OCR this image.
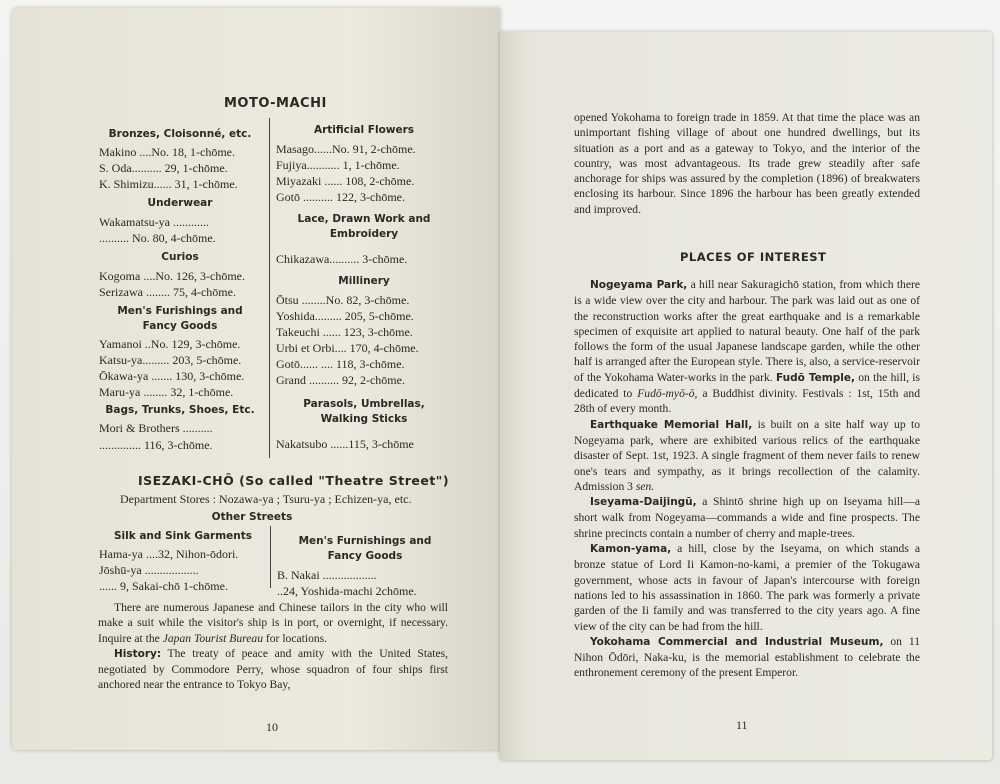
MOTO-MACHI
Bronzes, Cloisonné, etc.
Makino ....No. 18, 1-chōme.
S. Oda.......... 29, 1-chōme.
K. Shimizu...... 31, 1-chōme.
Underwear
Wakamatsu-ya ............
.......... No. 80, 4-chōme.
Curios
Kogoma ....No. 126, 3-chōme.
Serizawa ........ 75, 4-chōme.
Men's Furishings and
Fancy Goods
Yamanoi ..No. 129, 3-chōme.
Katsu-ya......... 203, 5-chōme.
Ōkawa-ya ....... 130, 3-chōme.
Maru-ya ........ 32, 1-chōme.
Bags, Trunks, Shoes, Etc.
Mori & Brothers ..........
.............. 116, 3-chōme.
Artificial Flowers
Masago......No. 91, 2-chōme.
Fujiya........... 1, 1-chōme.
Miyazaki ...... 108, 2-chōme.
Gotō .......... 122, 3-chōme.
Lace, Drawn Work and
Embroidery
Chikazawa.......... 3-chōme.
Millinery
Ōtsu ........No. 82, 3-chōme.
Yoshida......... 205, 5-chōme.
Takeuchi ...... 123, 3-chōme.
Urbi et Orbi.... 170, 4-chōme.
Gotō...... .... 118, 3-chōme.
Grand .......... 92, 2-chōme.
Parasols, Umbrellas,
Walking Sticks
Nakatsubo ......115, 3-chōme
ISEZAKI-CHŌ (So called "Theatre Street")
Department Stores : Nozawa-ya ; Tsuru-ya ; Echizen-ya, etc.
Other Streets
Silk and Sink Garments
Hama-ya ....32, Nihon-ōdori.
Jōshū-ya ..................
...... 9, Sakai-chō 1-chōme.
Men's Furnishings and
Fancy Goods
B. Nakai ..................
..24, Yoshida-machi 2chōme.

There are numerous Japanese and Chinese tailors in the city who will make a suit while the visitor's ship is in port, or overnight, if necessary. Inquire at the Japan Tourist Bureau for locations.

History: The treaty of peace and amity with the United States, negotiated by Commodore Perry, whose squadron of four ships first anchored near the entrance to Tokyo Bay,

10

opened Yokohama to foreign trade in 1859. At that time the place was an unimportant fishing village of about one hundred dwellings, but its situation as a port and as a gateway to Tokyo, and the interior of the country, was most advantageous. Its trade grew steadily after safe anchorage for ships was assured by the completion (1896) of breakwaters enclosing its harbour. Since 1896 the harbour has been greatly extended and improved.

PLACES OF INTEREST

Nogeyama Park, a hill near Sakuragichō station, from which there is a wide view over the city and harbour. The park was laid out as one of the reconstruction works after the great earthquake and is a remarkable specimen of exquisite art applied to natural beauty. One half of the park follows the form of the usual Japanese landscape garden, while the other half is arranged after the European style. There is, also, a service-reservoir of the Yokohama Water-works in the park. Fudō Temple, on the hill, is dedicated to Fudō-myō-ō, a Buddhist divinity. Festivals : 1st, 15th and 28th of every month.

Earthquake Memorial Hall, is built on a site half way up to Nogeyama park, where are exhibited various relics of the earthquake disaster of Sept. 1st, 1923. A single fragment of them never fails to renew one's tears and sympathy, as it brings recollection of the calamity. Admission 3 sen.

Iseyama-Daijingū, a Shintō shrine high up on Iseyama hill—a short walk from Nogeyama—commands a wide and fine prospects. The shrine precincts contain a number of cherry and maple-trees.

Kamon-yama, a hill, close by the Iseyama, on which stands a bronze statue of Lord Ii Kamon-no-kami, a premier of the Tokugawa government, whose acts in favour of Japan's intercourse with foreign nations led to his assassination in 1860. The park was formerly a private garden of the Ii family and was transferred to the city years ago. A fine view of the city can be had from the hill.

Yokohama Commercial and Industrial Museum, on 11 Nihon Ōdōri, Naka-ku, is the memorial establishment to celebrate the enthronement ceremony of the present Emperor.

11
